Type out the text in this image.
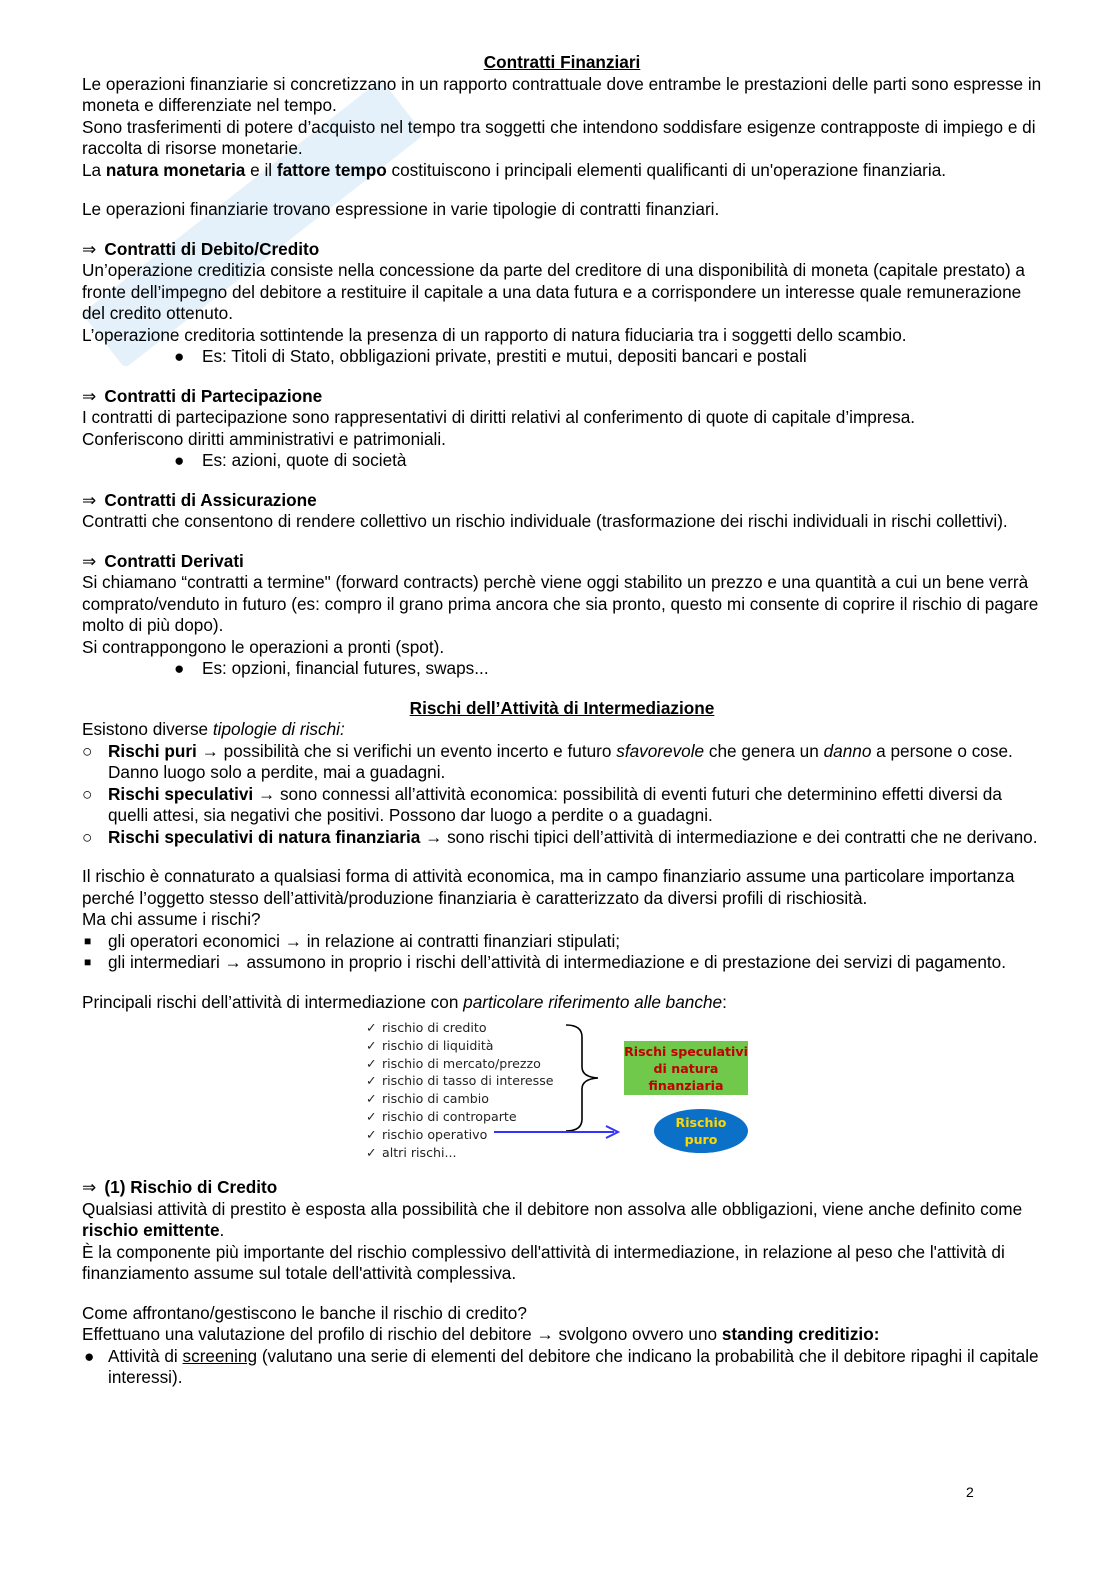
Contratti Finanziari

Le operazioni finanziarie si concretizzano in un rapporto contrattuale dove entrambe le prestazioni delle parti sono espresse in moneta e differenziate nel tempo.

Sono trasferimenti di potere d’acquisto nel tempo tra soggetti che intendono soddisfare esigenze contrapposte di impiego e di raccolta di risorse monetarie.

La natura monetaria e il fattore tempo costituiscono i principali elementi qualificanti di un'operazione finanziaria.

Le operazioni finanziarie trovano espressione in varie tipologie di contratti finanziari.

⇒ Contratti di Debito/Credito

Un’operazione creditizia consiste nella concessione da parte del creditore di una disponibilità di moneta (capitale prestato) a fronte dell’impegno del debitore a restituire il capitale a una data futura e a corrispondere un interesse quale remunerazione del credito ottenuto.

L’operazione creditoria sottintende la presenza di un rapporto di natura fiduciaria tra i soggetti dello scambio.

● Es: Titoli di Stato, obbligazioni private, prestiti e mutui, depositi bancari e postali

⇒ Contratti di Partecipazione

I contratti di partecipazione sono rappresentativi di diritti relativi al conferimento di quote di capitale d’impresa.

Conferiscono diritti amministrativi e patrimoniali.

● Es: azioni, quote di società

⇒ Contratti di Assicurazione

Contratti che consentono di rendere collettivo un rischio individuale (trasformazione dei rischi individuali in rischi collettivi).

⇒ Contratti Derivati

Si chiamano “contratti a termine" (forward contracts) perchè viene oggi stabilito un prezzo e una quantità a cui un bene verrà comprato/venduto in futuro (es: compro il grano prima ancora che sia pronto, questo mi consente di coprire il rischio di pagare molto di più dopo).

Si contrappongono le operazioni a pronti (spot).

● Es: opzioni, financial futures, swaps...

Rischi dell’Attività di Intermediazione

Esistono diverse tipologie di rischi:

○ Rischi puri → possibilità che si verifichi un evento incerto e futuro sfavorevole che genera un danno a persone o cose. Danno luogo solo a perdite, mai a guadagni.

○ Rischi speculativi → sono connessi all’attività economica: possibilità di eventi futuri che determinino effetti diversi da quelli attesi, sia negativi che positivi. Possono dar luogo a perdite o a guadagni.

○ Rischi speculativi di natura finanziaria → sono rischi tipici dell’attività di intermediazione e dei contratti che ne derivano.

Il rischio è connaturato a qualsiasi forma di attività economica, ma in campo finanziario assume una particolare importanza perché l’oggetto stesso dell’attività/produzione finanziaria è caratterizzato da diversi profili di rischiosità.

Ma chi assume i rischi?

■ gli operatori economici → in relazione ai contratti finanziari stipulati;

■ gli intermediari → assumono in proprio i rischi dell’attività di intermediazione e di prestazione dei servizi di pagamento.

Principali rischi dell’attività di intermediazione con particolare riferimento alle banche:

✓ rischio di credito
✓ rischio di liquidità
✓ rischio di mercato/prezzo
✓ rischio di tasso di interesse
✓ rischio di cambio
✓ rischio di controparte
✓ rischio operativo
✓ altri rischi...
Rischi speculativi
di natura
finanziaria
Rischio
puro

⇒ (1) Rischio di Credito

Qualsiasi attività di prestito è esposta alla possibilità che il debitore non assolva alle obbligazioni, viene anche definito come rischio emittente.

È la componente più importante del rischio complessivo dell'attività di intermediazione, in relazione al peso che l'attività di finanziamento assume sul totale dell'attività complessiva.

Come affrontano/gestiscono le banche il rischio di credito?

Effettuano una valutazione del profilo di rischio del debitore → svolgono ovvero uno standing creditizio:

● Attività di screening (valutano una serie di elementi del debitore che indicano la probabilità che il debitore ripaghi il capitale interessi).

2
